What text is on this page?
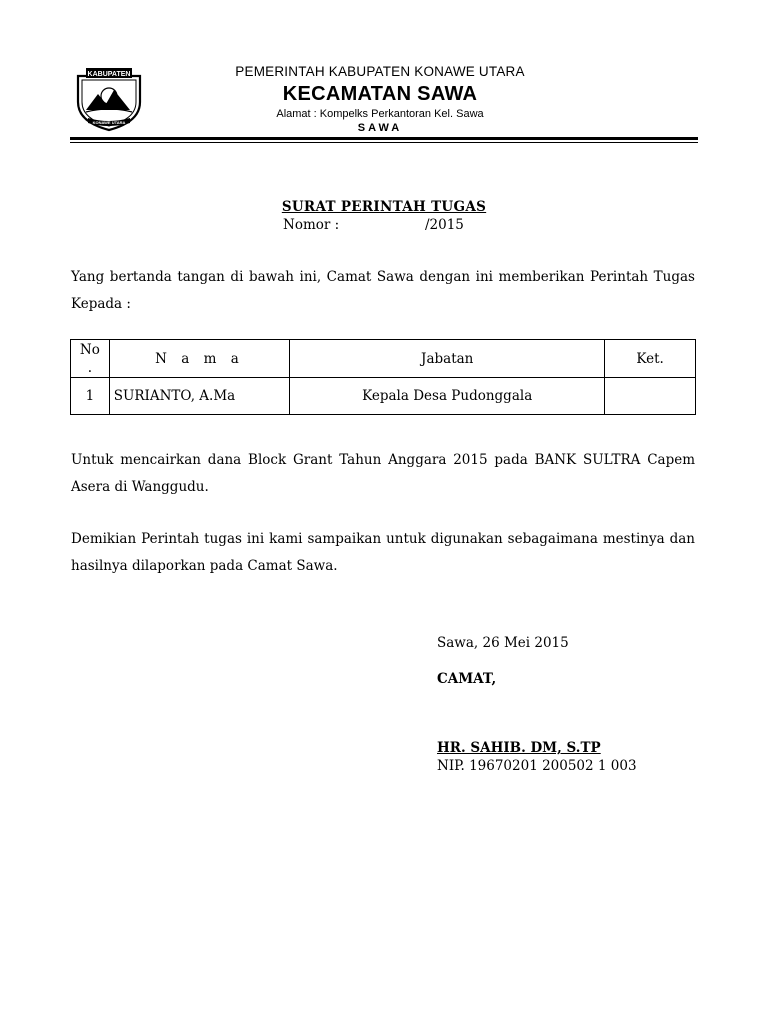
KABUPATEN
KONAWE UTARA
PEMERINTAH KABUPATEN KONAWE UTARA
KECAMATAN SAWA
Alamat : Kompelks Perkantoran Kel. Sawa
SAWA
SURAT PERINTAH TUGAS
Nomor :                    /2015

Yang bertanda tangan di bawah ini, Camat Sawa dengan ini memberikan Perintah Tugas Kepada :

No
.	N a m a	Jabatan	Ket.
1	SURIANTO, A.Ma	Kepala Desa Pudonggala	

Untuk mencairkan dana Block Grant Tahun Anggara 2015 pada BANK SULTRA Capem Asera di Wanggudu.

Demikian Perintah tugas ini kami sampaikan untuk digunakan sebagaimana mestinya dan hasilnya dilaporkan pada Camat Sawa.

Sawa, 26 Mei 2015
CAMAT,
HR. SAHIB. DM, S.TP
NIP. 19670201 200502 1 003
